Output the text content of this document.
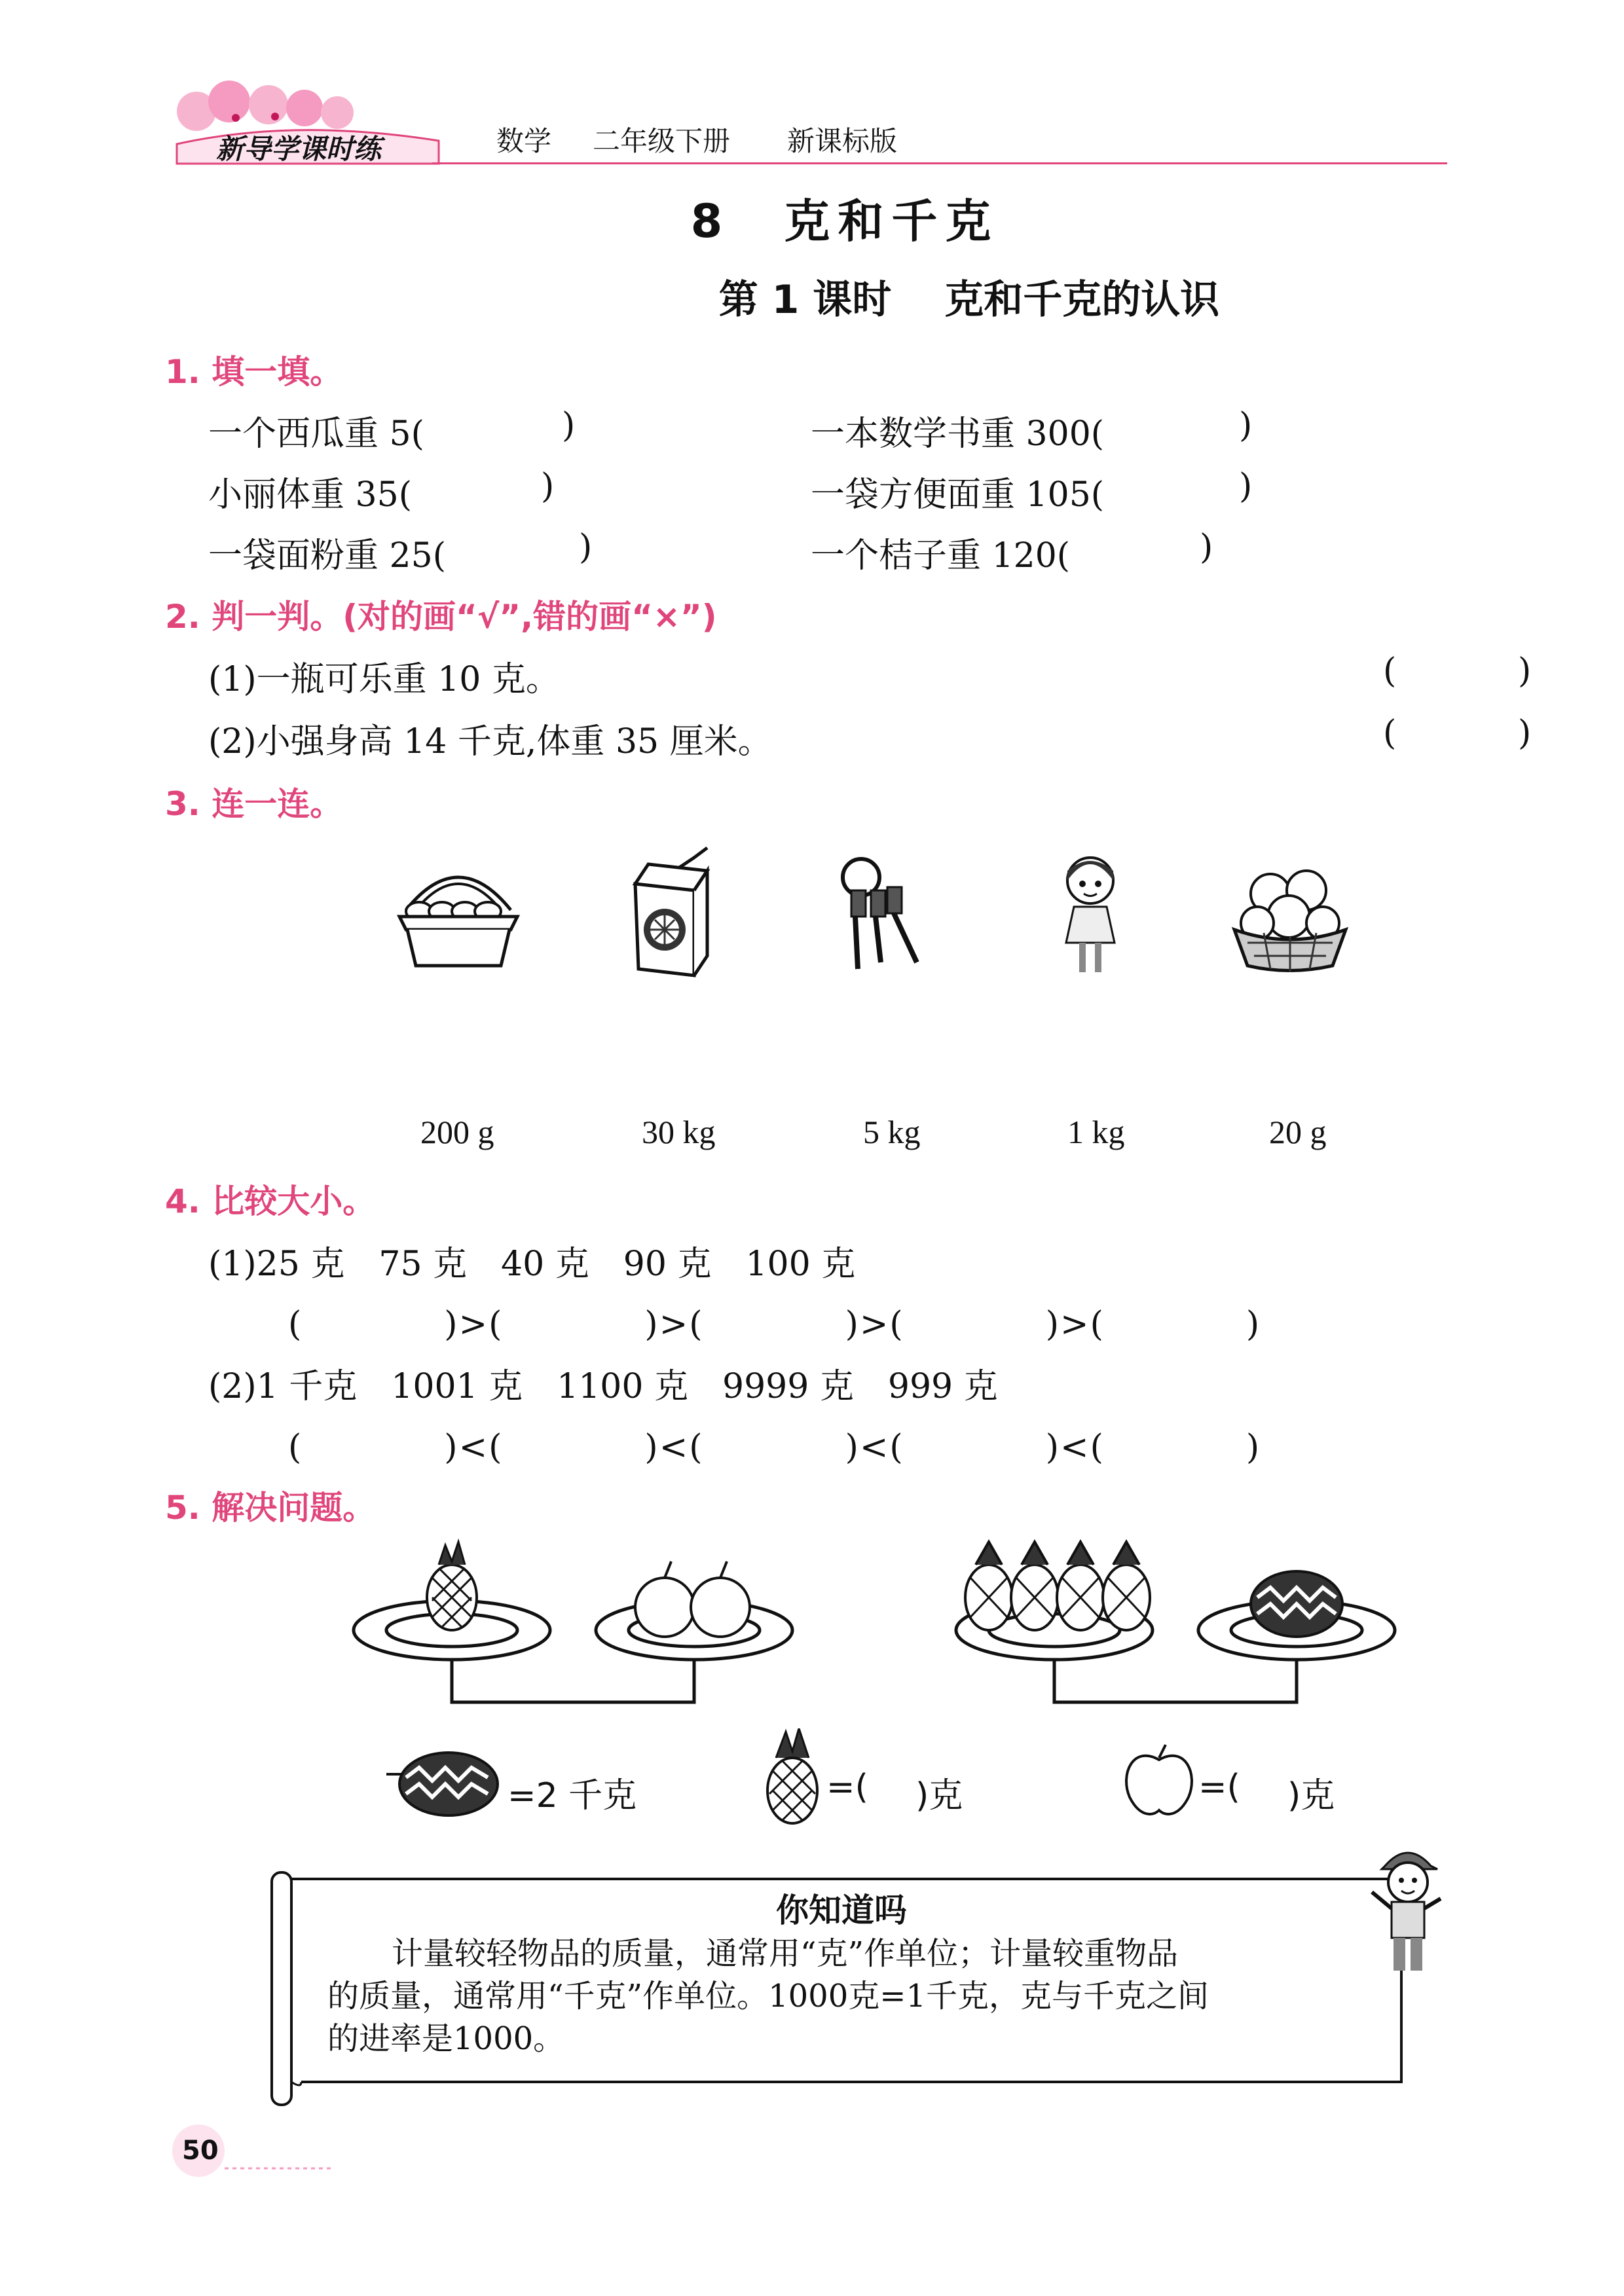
新导学课时练	数学 二年级下册 新课标版
8　克和千克
第 1 课时　 克和千克的认识
1. 填一填。
一个西瓜重 5(	)	一本数学书重 300(	)
小丽体重 35(	)	一袋方便面重 105(	)
一袋面粉重 25(	)	一个桔子重 120(	)
2. 判一判。(对的画“√”,错的画“×”)
(1)一瓶可乐重 10 克。	(	)
(2)小强身高 14 千克,体重 35 厘米。	(	)
3. 连一连。
200 g	30 kg	5 kg	1 kg	20 g
4. 比较大小。
(1)25 克　75 克　40 克　90 克　100 克
(　　　　)>(　　　　)>(　　　　)>(　　　　)>(　　　　)
(2)1 千克　1001 克　1100 克　9999 克　999 克
(　　　　)<(　　　　)<(　　　　)<(　　　　)<(　　　　)
5. 解决问题。
=2 千克	=( )克	=( )克
你知道吗
计量较轻物品的质量，通常用“克”作单位；计量较重物品
的质量，通常用“千克”作单位。1000克=1千克，克与千克之间
的进率是1000。
50
